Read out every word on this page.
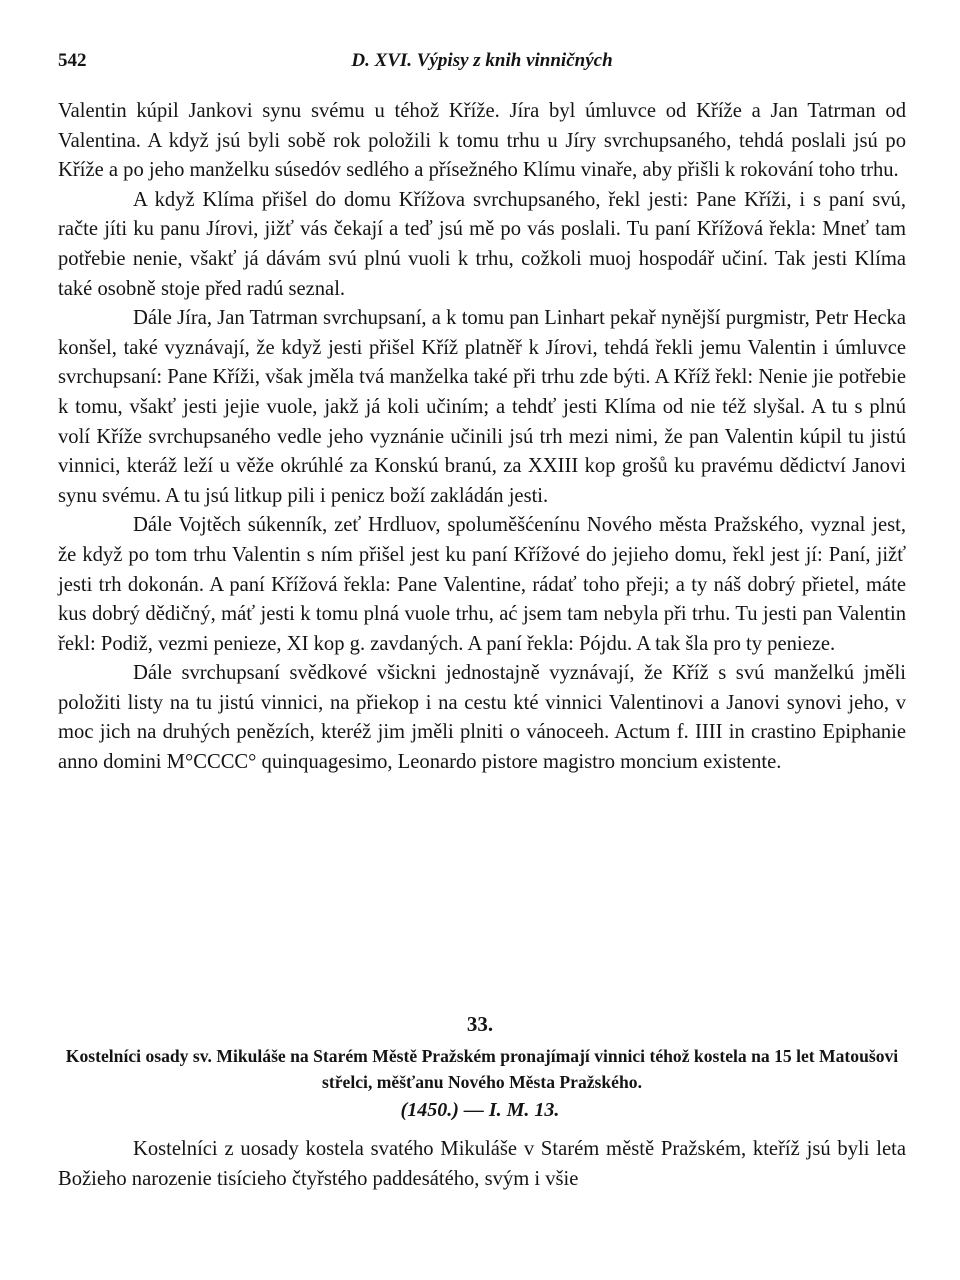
542	D. XVI. Výpisy z knih vinničných

Valentin kúpil Jankovi synu svému u téhož Kříže. Jíra byl úmluvce od Kříže a Jan Tatrman od Valentina. A když jsú byli sobě rok položili k tomu trhu u Jíry svrchupsaného, tehdá poslali jsú po Kříže a po jeho manželku súsedóv sedlého a přísežného Klímu vinaře, aby přišli k rokování toho trhu.

A když Klíma přišel do domu Křížova svrchupsaného, řekl jesti: Pane Kříži, i s paní svú, račte jíti ku panu Jírovi, jižť vás čekají a teď jsú mě po vás poslali. Tu paní Křížová řekla: Mneť tam potřebie nenie, všakť já dávám svú plnú vuoli k trhu, cožkoli muoj hospodář učiní. Tak jesti Klíma také osobně stoje před radú seznal.

Dále Jíra, Jan Tatrman svrchupsaní, a k tomu pan Linhart pekař nynější purgmistr, Petr Hecka konšel, také vyznávají, že když jesti přišel Kříž platněř k Jírovi, tehdá řekli jemu Valentin i úmluvce svrchupsaní: Pane Kříži, však jměla tvá manželka také při trhu zde býti. A Kříž řekl: Nenie jie potřebie k tomu, všakť jesti jejie vuole, jakž já koli učiním; a tehdť jesti Klíma od nie též slyšal. A tu s plnú volí Kříže svrchupsaného vedle jeho vyznánie učinili jsú trh mezi nimi, že pan Valentin kúpil tu jistú vinnici, kteráž leží u věže okrúhlé za Konskú branú, za XXIII kop grošů ku pravému dědictví Janovi synu svému. A tu jsú litkup pili i penicz boží zakládán jesti.

Dále Vojtěch súkenník, zeť Hrdluov, spoluměšćenínu Nového města Pražského, vyznal jest, že když po tom trhu Valentin s ním přišel jest ku paní Křížové do jejieho domu, řekl jest jí: Paní, jižť jesti trh dokonán. A paní Křížová řekla: Pane Valentine, rádať toho přeji; a ty náš dobrý přietel, máte kus dobrý dědičný, máť jesti k tomu plná vuole trhu, ać jsem tam nebyla při trhu. Tu jesti pan Valentin řekl: Podiž, vezmi penieze, XI kop g. zavdaných. A paní řekla: Pójdu. A tak šla pro ty penieze.

Dále svrchupsaní svědkové všickni jednostajně vyznávají, že Kříž s svú manželkú jměli položiti listy na tu jistú vinnici, na přiekop i na cestu kté vinnici Valentinovi a Janovi synovi jeho, v moc jich na druhých penězích, kteréž jim jměli plniti o vánoceeh. Actum f. IIII in crastino Epiphanie anno domini M°CCCC° quinquagesimo, Leonardo pistore magistro moncium existente.

33.
Kostelníci osady sv. Mikuláše na Starém Městě Pražském pronajímají vinnici téhož kostela na 15 let Matoušovi střelci, měšťanu Nového Města Pražského.
(1450.) — I. M. 13.

Kostelníci z uosady kostela svatého Mikuláše v Starém městě Pražském, kteříž jsú byli leta Božieho narozenie tisícieho čtyřstého paddesátého, svým i všie
